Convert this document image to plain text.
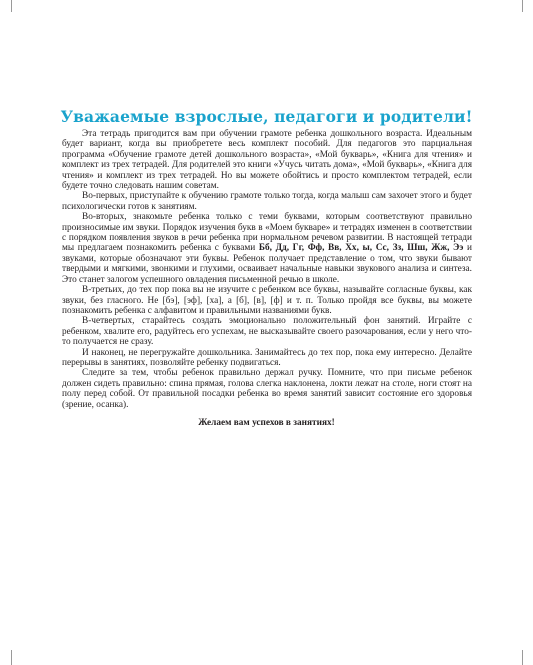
Уважаемые взрослые, педагоги и родители!

Эта тетрадь пригодится вам при обучении грамоте ребенка дошкольного возраста. Идеальным будет вариант, когда вы приобретете весь комплект пособий. Для педагогов это парциальная программа «Обучение грамоте детей дошкольного возраста», «Мой букварь», «Книга для чтения» и комплект из трех тетрадей. Для родителей это книги «Учусь читать дома», «Мой букварь», «Книга для чтения» и комплект из трех тетрадей. Но вы можете обойтись и просто комплектом тетрадей, если будете точно следовать нашим советам.

Во-первых, приступайте к обучению грамоте только тогда, когда малыш сам захочет этого и будет психологически готов к занятиям.

Во-вторых, знакомьте ребенка только с теми буквами, которым соответствуют правильно произносимые им звуки. Порядок изучения букв в «Моем букваре» и тетрадях изменен в соответствии с порядком появления звуков в речи ребенка при нормальном речевом развитии. В настоящей тетради мы предлагаем познакомить ребенка с буквами Бб, Дд, Гг, Фф, Вв, Хх, ы, Сс, Зз, Шш, Жж, Ээ и звуками, которые обозначают эти буквы. Ребенок получает представление о том, что звуки бывают твердыми и мягкими, звонкими и глухими, осваивает начальные навыки звукового анализа и синтеза. Это станет залогом успешного овладения письменной речью в школе.

В-третьих, до тех пор пока вы не изучите с ребенком все буквы, называйте согласные буквы, как звуки, без гласного. Не [бэ], [эф], [ха], а [б], [в], [ф] и т. п. Только пройдя все буквы, вы можете познакомить ребенка с алфавитом и правильными названиями букв.

В-четвертых, старайтесь создать эмоционально положительный фон занятий. Играйте с ребенком, хвалите его, радуйтесь его успехам, не высказывайте своего разочарования, если у него что-то получается не сразу.

И наконец, не перегружайте дошкольника. Занимайтесь до тех пор, пока ему интересно. Делайте перерывы в занятиях, позволяйте ребенку подвигаться.

Следите за тем, чтобы ребенок правильно держал ручку. Помните, что при письме ребенок должен сидеть правильно: спина прямая, голова слегка наклонена, локти лежат на столе, ноги стоят на полу перед собой. От правильной посадки ребенка во время занятий зависит состояние его здоровья (зрение, осанка).

Желаем вам успехов в занятиях!
